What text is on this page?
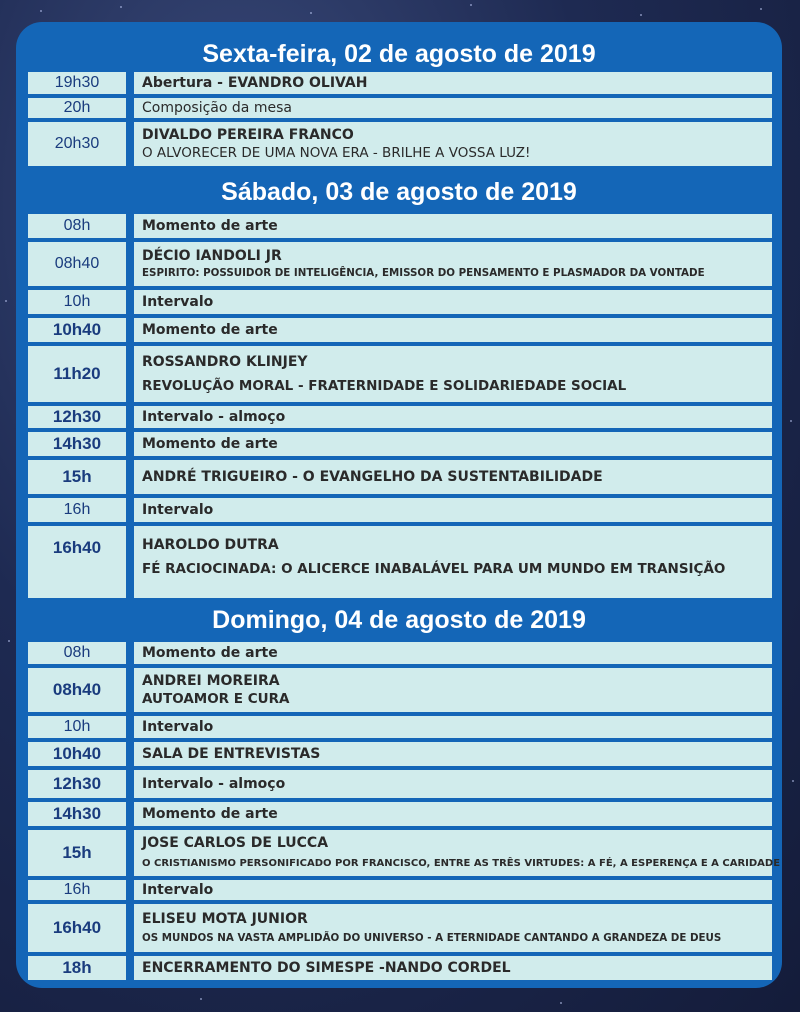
Sexta-feira, 02 de agosto de 2019
19h30	Abertura - EVANDRO OLIVAH
20h	Composição da mesa
20h30	DIVALDO PEREIRA FRANCO
O ALVORECER DE UMA NOVA ERA - BRILHE A VOSSA LUZ!
Sábado, 03 de agosto de 2019
08h	Momento de arte
08h40	DÉCIO IANDOLI JR
ESPIRITO: POSSUIDOR DE INTELIGÊNCIA, EMISSOR DO PENSAMENTO E PLASMADOR DA VONTADE
10h	Intervalo
10h40	Momento de arte
11h20
ROSSANDRO KLINJEY
REVOLUÇÃO MORAL - FRATERNIDADE E SOLIDARIEDADE SOCIAL
12h30	Intervalo - almoço
14h30	Momento de arte
15h	ANDRÉ TRIGUEIRO - O EVANGELHO DA SUSTENTABILIDADE
16h	Intervalo
16h40	HAROLDO DUTRA
FÉ RACIOCINADA: O ALICERCE INABALÁVEL PARA UM MUNDO EM TRANSIÇÃO
Domingo, 04 de agosto de 2019
08h	Momento de arte
08h40	ANDREI MOREIRA
AUTOAMOR E CURA
10h	Intervalo
10h40	SALA DE ENTREVISTAS
12h30	Intervalo - almoço
14h30	Momento de arte
15h	JOSE CARLOS DE LUCCA
O CRISTIANISMO PERSONIFICADO POR FRANCISCO, ENTRE AS TRÊS VIRTUDES: A FÉ, A ESPERENÇA E A CARIDADE
16h	Intervalo
16h40	ELISEU MOTA JUNIOR
OS MUNDOS NA VASTA AMPLIDÃO DO UNIVERSO - A ETERNIDADE CANTANDO A GRANDEZA DE DEUS
18h	ENCERRAMENTO DO SIMESPE -NANDO CORDEL
